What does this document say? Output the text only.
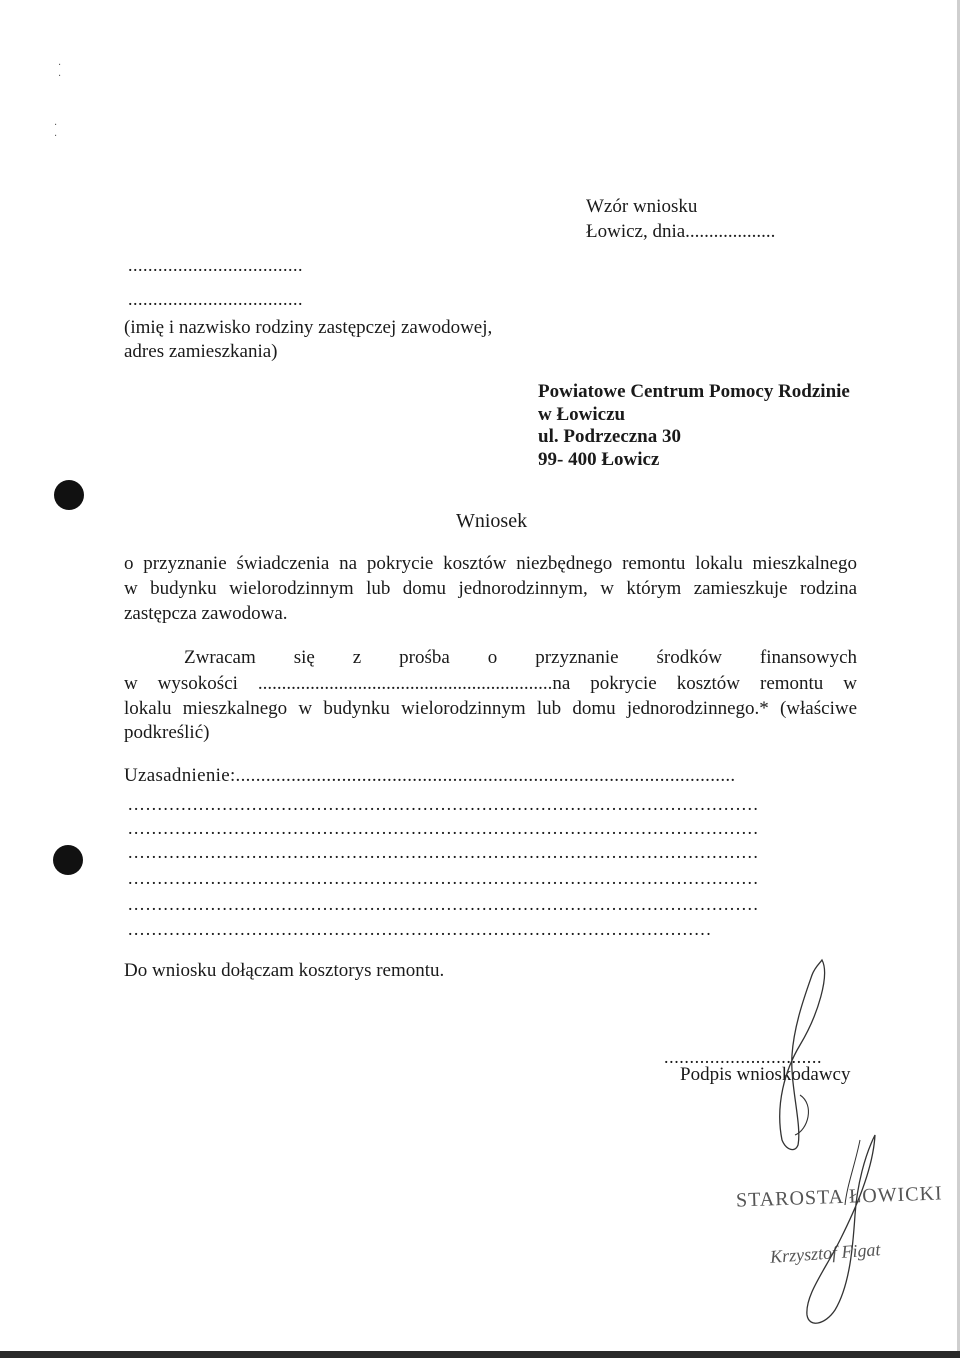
·
·
·
·
Wzór wniosku
Łowicz, dnia...................
...................................
...................................
(imię i nazwisko rodziny zastępczej zawodowej,
adres zamieszkania)
Powiatowe Centrum Pomocy Rodzinie
w Łowiczu
ul. Podrzeczna 30
99- 400 Łowicz
Wniosek
o przyznanie świadczenia na pokrycie kosztów niezbędnego remontu lokalu mieszkalnego
w budynku wielorodzinnym lub domu jednorodzinnym, w którym zamieszkuje rodzina
zastępcza zawodowa.
Zwracam się z prośba o przyznanie środków finansowych
w wysokości ..............................................................na pokrycie kosztów remontu w
lokalu mieszkalnego w budynku wielorodzinnym lub domu jednorodzinnego.* (właściwe
podkreślić)
Uzasadnienie:...................................................................................................
...........................................................................................................
...........................................................................................................
...........................................................................................................
...........................................................................................................
...........................................................................................................
...................................................................................................
Do wniosku dołączam kosztorys remontu.
...............................
Podpis wnioskodawcy
STAROSTA ŁOWICKI
Krzysztof Figat
